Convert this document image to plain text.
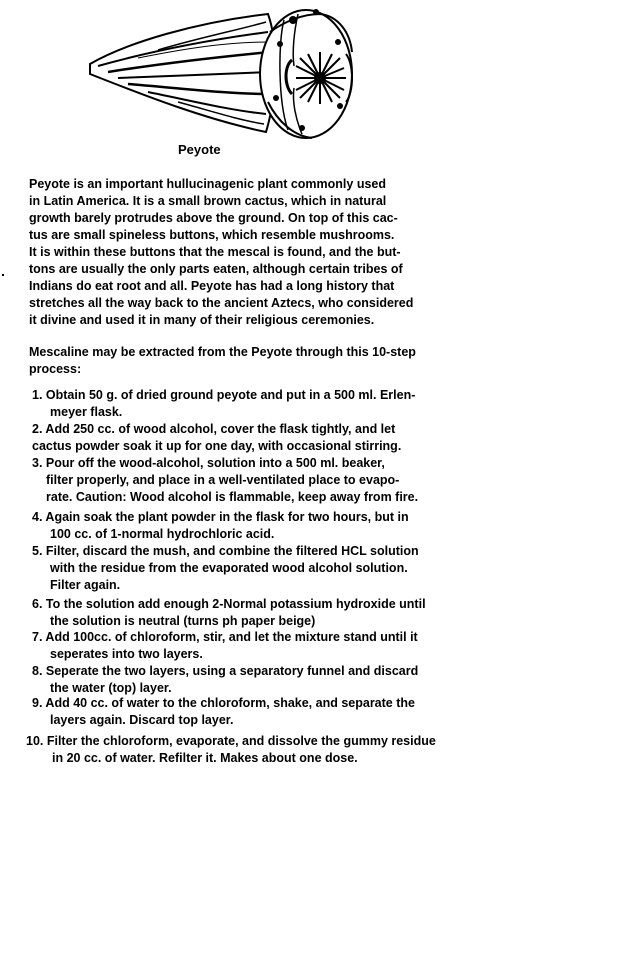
Peyote

Peyote is an important hullucinagenic plant commonly used
in Latin America. It is a small brown cactus, which in natural
growth barely protrudes above the ground. On top of this cac-
tus are small spineless buttons, which resemble mushrooms.
It is within these buttons that the mescal is found, and the but-
tons are usually the only parts eaten, although certain tribes of
Indians do eat root and all. Peyote has had a long history that
stretches all the way back to the ancient Aztecs, who considered
it divine and used it in many of their religious ceremonies.
Mescaline may be extracted from the Peyote through this 10-step
process:
1. Obtain 50 g. of dried ground peyote and put in a 500 ml. Erlen-
meyer flask.
2. Add 250 cc. of wood alcohol, cover the flask tightly, and let
cactus powder soak it up for one day, with occasional stirring.
3. Pour off the wood-alcohol, solution into a 500 ml. beaker,
filter properly, and place in a well-ventilated place to evapo-
rate. Caution: Wood alcohol is flammable, keep away from fire.
4. Again soak the plant powder in the flask for two hours, but in
100 cc. of 1-normal hydrochloric acid.
5. Filter, discard the mush, and combine the filtered HCL solution
with the residue from the evaporated wood alcohol solution.
Filter again.
6. To the solution add enough 2-Normal potassium hydroxide until
the solution is neutral (turns ph paper beige)
7. Add 100cc. of chloroform, stir, and let the mixture stand until it
seperates into two layers.
8. Seperate the two layers, using a separatory funnel and discard
the water (top) layer.
9. Add 40 cc. of water to the chloroform, shake, and separate the
layers again. Discard top layer.
10. Filter the chloroform, evaporate, and dissolve the gummy residue
in 20 cc. of water. Refilter it. Makes about one dose.
